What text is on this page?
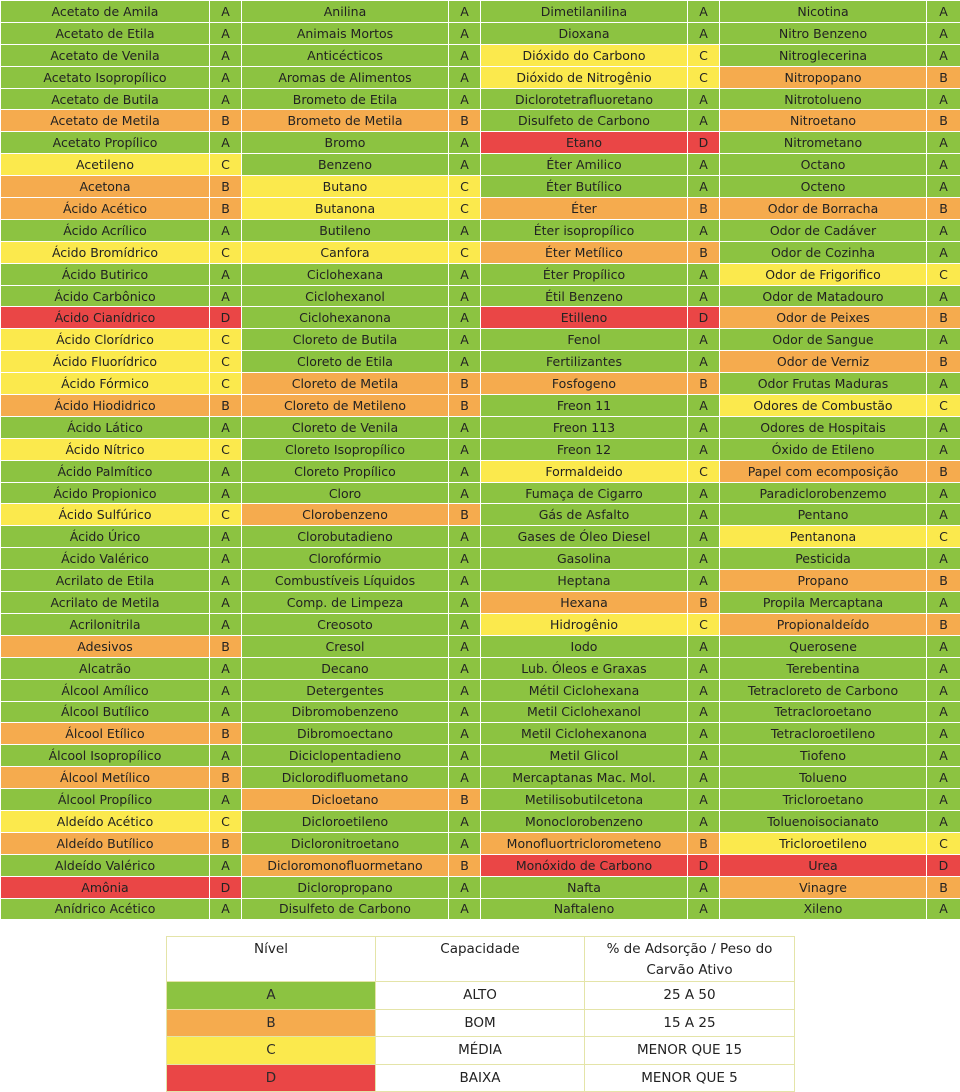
Acetato de Amila	A	Anilina	A	Dimetilanilina	A	Nicotina	A
Acetato de Etila	A	Animais Mortos	A	Dioxana	A	Nitro Benzeno	A
Acetato de Venila	A	Anticécticos	A	Dióxido do Carbono	C	Nitroglecerina	A
Acetato Isopropílico	A	Aromas de Alimentos	A	Dióxido de Nitrogênio	C	Nitropopano	B
Acetato de Butila	A	Brometo de Etila	A	Diclorotetrafluoretano	A	Nitrotolueno	A
Acetato de Metila	B	Brometo de Metila	B	Disulfeto de Carbono	A	Nitroetano	B
Acetato Propílico	A	Bromo	A	Etano	D	Nitrometano	A
Acetileno	C	Benzeno	A	Éter Amilico	A	Octano	A
Acetona	B	Butano	C	Éter Butílico	A	Octeno	A
Ácido Acético	B	Butanona	C	Éter	B	Odor de Borracha	B
Ácido Acrílico	A	Butileno	A	Éter isopropílico	A	Odor de Cadáver	A
Ácido Bromídrico	C	Canfora	C	Éter Metílico	B	Odor de Cozinha	A
Ácido Butirico	A	Ciclohexana	A	Éter Propílico	A	Odor de Frigorifico	C
Ácido Carbônico	A	Ciclohexanol	A	Étil Benzeno	A	Odor de Matadouro	A
Ácido Cianídrico	D	Ciclohexanona	A	Etilleno	D	Odor de Peixes	B
Ácido Clorídrico	C	Cloreto de Butila	A	Fenol	A	Odor de Sangue	A
Ácido Fluorídrico	C	Cloreto de Etila	A	Fertilizantes	A	Odor de Verniz	B
Ácido Fórmico	C	Cloreto de Metila	B	Fosfogeno	B	Odor Frutas Maduras	A
Ácido Hiodidrico	B	Cloreto de Metileno	B	Freon 11	A	Odores de Combustão	C
Ácido Lático	A	Cloreto de Venila	A	Freon 113	A	Odores de Hospitais	A
Ácido Nítrico	C	Cloreto Isopropílico	A	Freon 12	A	Óxido de Etileno	A
Ácido Palmítico	A	Cloreto Propílico	A	Formaldeido	C	Papel com ecomposição	B
Ácido Propionico	A	Cloro	A	Fumaça de Cigarro	A	Paradiclorobenzemo	A
Ácido Sulfúrico	C	Clorobenzeno	B	Gás de Asfalto	A	Pentano	A
Ácido Úrico	A	Clorobutadieno	A	Gases de Óleo Diesel	A	Pentanona	C
Ácido Valérico	A	Clorofórmio	A	Gasolina	A	Pesticida	A
Acrilato de Etila	A	Combustíveis Líquidos	A	Heptana	A	Propano	B
Acrilato de Metila	A	Comp. de Limpeza	A	Hexana	B	Propila Mercaptana	A
Acrilonitrila	A	Creosoto	A	Hidrogênio	C	Propionaldeído	B
Adesivos	B	Cresol	A	Iodo	A	Querosene	A
Alcatrão	A	Decano	A	Lub. Óleos e Graxas	A	Terebentina	A
Álcool Amílico	A	Detergentes	A	Métil Ciclohexana	A	Tetracloreto de Carbono	A
Álcool Butílico	A	Dibromobenzeno	A	Metil Ciclohexanol	A	Tetracloroetano	A
Álcool Etílico	B	Dibromoectano	A	Metil Ciclohexanona	A	Tetracloroetileno	A
Álcool Isopropílico	A	Diciclopentadieno	A	Metil Glicol	A	Tiofeno	A
Álcool Metílico	B	Diclorodifluometano	A	Mercaptanas Mac. Mol.	A	Tolueno	A
Álcool Propílico	A	Dicloetano	B	Metilisobutilcetona	A	Tricloroetano	A
Aldeído Acético	C	Dicloroetileno	A	Monoclorobenzeno	A	Toluenoisocianato	A
Aldeído Butílico	B	Dicloronitroetano	A	Monofluortriclorometeno	B	Tricloroetileno	C
Aldeído Valérico	A	Dicloromonofluormetano	B	Monóxido de Carbono	D	Urea	D
Amônia	D	Dicloropropano	A	Nafta	A	Vinagre	B
Anídrico Acético	A	Disulfeto de Carbono	A	Naftaleno	A	Xileno	A
Nível	Capacidade	% de Adsorção / Peso do Carvão Ativo
A	ALTO	25 A 50
B	BOM	15 A 25
C	MÉDIA	MENOR QUE 15
D	BAIXA	MENOR QUE 5
